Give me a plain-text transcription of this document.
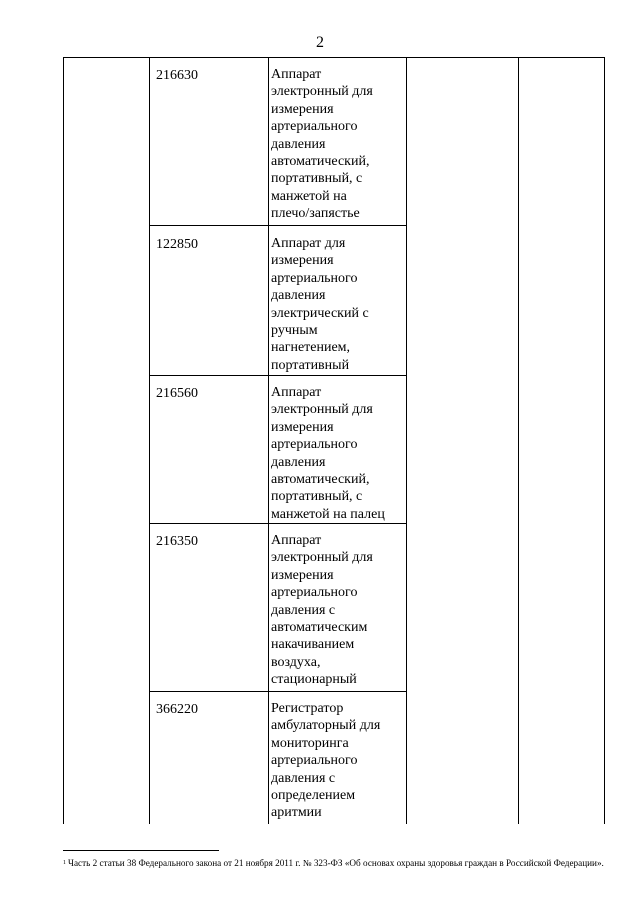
2
216630	Аппарат
электронный для
измерения
артериального
давления
автоматический,
портативный, с
манжетой на
плечо/запястье
122850	Аппарат для
измерения
артериального
давления
электрический с
ручным
нагнетением,
портативный
216560	Аппарат
электронный для
измерения
артериального
давления
автоматический,
портативный, с
манжетой на палец
216350	Аппарат
электронный для
измерения
артериального
давления с
автоматическим
накачиванием
воздуха,
стационарный
366220	Регистратор
амбулаторный для
мониторинга
артериального
давления с
определением
аритмии
$^1$ Часть 2 статьи 38 Федерального закона от 21 ноября 2011 г. № 323-ФЗ «Об основах охраны здоровья граждан в Российской Федерации».
